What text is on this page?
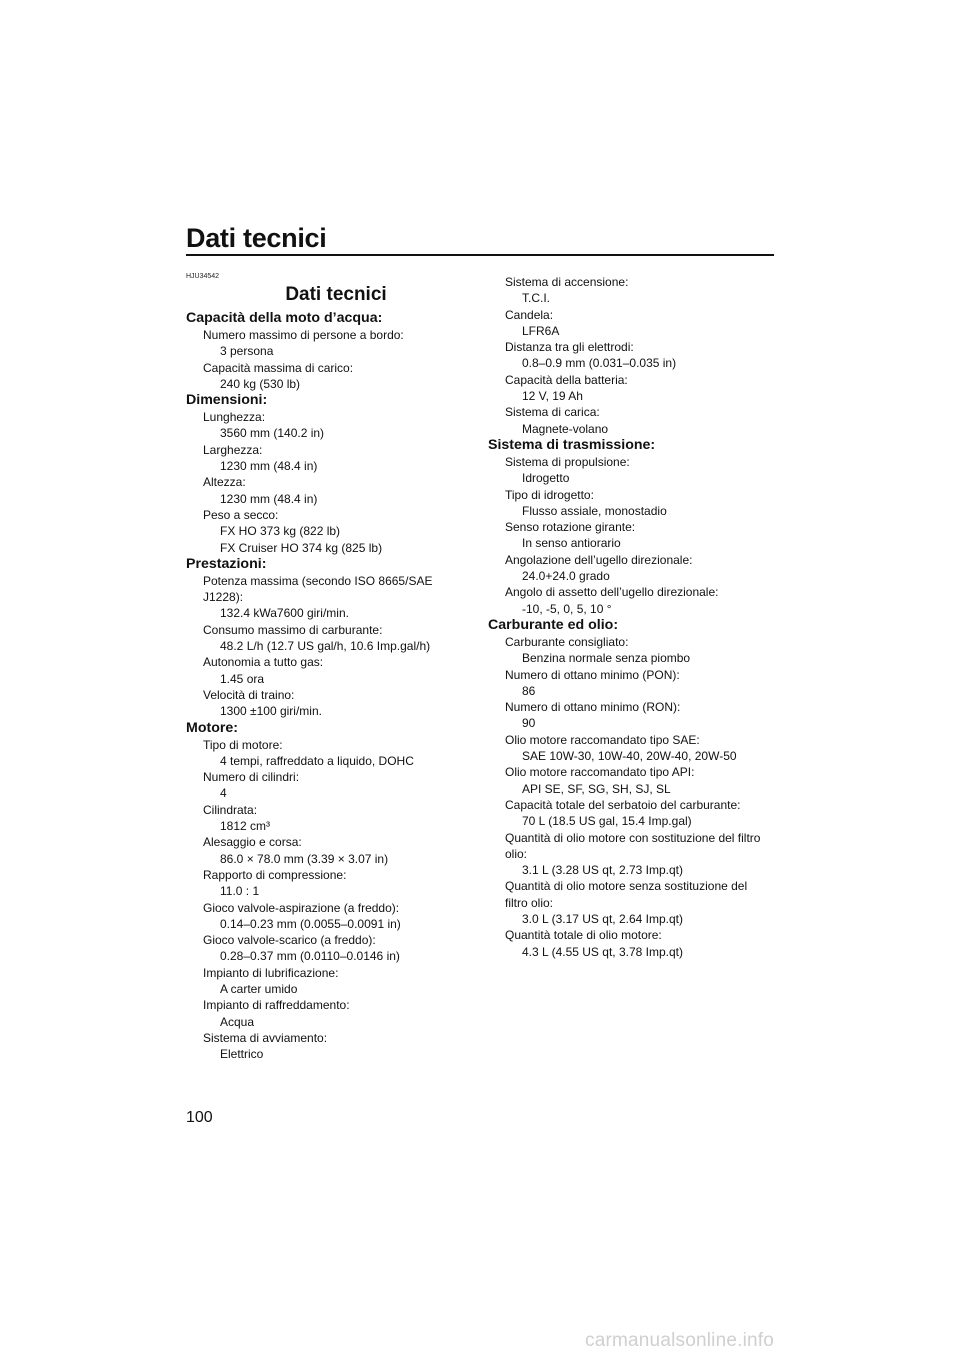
Dati tecnici
HJU34542
Dati tecnici
Capacità della moto d’acqua:
Numero massimo di persone a bordo:
3 persona
Capacità massima di carico:
240 kg (530 lb)
Dimensioni:
Lunghezza:
3560 mm (140.2 in)
Larghezza:
1230 mm (48.4 in)
Altezza:
1230 mm (48.4 in)
Peso a secco:
FX HO 373 kg (822 lb)
FX Cruiser HO 374 kg (825 lb)
Prestazioni:
Potenza massima (secondo ISO 8665/SAE
J1228):
132.4 kWa7600 giri/min.
Consumo massimo di carburante:
48.2 L/h (12.7 US gal/h, 10.6 Imp.gal/h)
Autonomia a tutto gas:
1.45 ora
Velocità di traino:
1300 ±100 giri/min.
Motore:
Tipo di motore:
4 tempi, raffreddato a liquido, DOHC
Numero di cilindri:
4
Cilindrata:
1812 cm³
Alesaggio e corsa:
86.0 × 78.0 mm (3.39 × 3.07 in)
Rapporto di compressione:
11.0 : 1
Gioco valvole-aspirazione (a freddo):
0.14–0.23 mm (0.0055–0.0091 in)
Gioco valvole-scarico (a freddo):
0.28–0.37 mm (0.0110–0.0146 in)
Impianto di lubrificazione:
A carter umido
Impianto di raffreddamento:
Acqua
Sistema di avviamento:
Elettrico
Sistema di accensione:
T.C.I.
Candela:
LFR6A
Distanza tra gli elettrodi:
0.8–0.9 mm (0.031–0.035 in)
Capacità della batteria:
12 V, 19 Ah
Sistema di carica:
Magnete-volano
Sistema di trasmissione:
Sistema di propulsione:
Idrogetto
Tipo di idrogetto:
Flusso assiale, monostadio
Senso rotazione girante:
In senso antiorario
Angolazione dell’ugello direzionale:
24.0+24.0 grado
Angolo di assetto dell’ugello direzionale:
-10, -5, 0, 5, 10 °
Carburante ed olio:
Carburante consigliato:
Benzina normale senza piombo
Numero di ottano minimo (PON):
86
Numero di ottano minimo (RON):
90
Olio motore raccomandato tipo SAE:
SAE 10W-30, 10W-40, 20W-40, 20W-50
Olio motore raccomandato tipo API:
API SE, SF, SG, SH, SJ, SL
Capacità totale del serbatoio del carburante:
70 L (18.5 US gal, 15.4 Imp.gal)
Quantità di olio motore con sostituzione del filtro
olio:
3.1 L (3.28 US qt, 2.73 Imp.qt)
Quantità di olio motore senza sostituzione del
filtro olio:
3.0 L (3.17 US qt, 2.64 Imp.qt)
Quantità totale di olio motore:
4.3 L (4.55 US qt, 3.78 Imp.qt)
100
carmanualsonline.info
